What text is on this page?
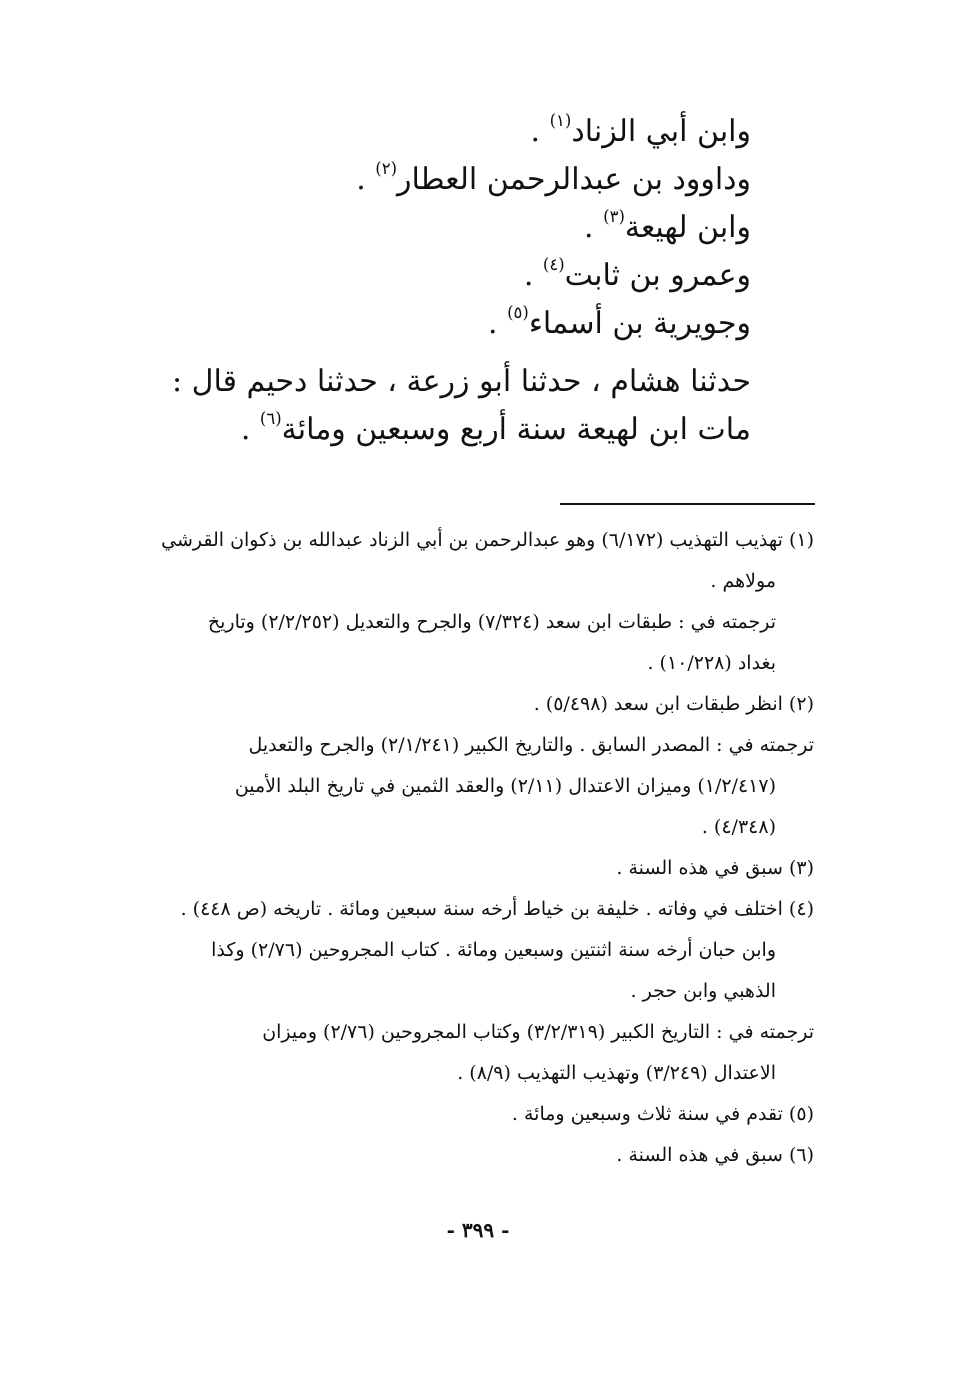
وابن أبي الزناد$^{(١)}$ .
وداوود بن عبدالرحمن العطار$^{(٢)}$ .
وابن لهيعة$^{(٣)}$ .
وعمرو بن ثابت$^{(٤)}$ .
وجويرية بن أسماء$^{(٥)}$ .
حدثنا هشام ، حدثنا أبو زرعة ، حدثنا دحيم قال :
مات ابن لهيعة سنة أربع وسبعين ومائة$^{(٦)}$ .
(١) تهذيب التهذيب (٦/١٧٢) وهو عبدالرحمن بن أبي الزناد عبدالله بن ذكوان القرشي
مولاهم .
ترجمته في : طبقات ابن سعد (٧/٣٢٤) والجرح والتعديل (٢/٢/٢٥٢) وتاريخ
بغداد (١٠/٢٢٨) .
(٢) انظر طبقات ابن سعد (٥/٤٩٨) .
ترجمته في : المصدر السابق . والتاريخ الكبير (٢/١/٢٤١) والجرح والتعديل
(١/٢/٤١٧) وميزان الاعتدال (٢/١١) والعقد الثمين في تاريخ البلد الأمين
(٤/٣٤٨) .
(٣) سبق في هذه السنة .
(٤) اختلف في وفاته . خليفة بن خياط أرخه سنة سبعين ومائة . تاريخه (ص ٤٤٨) .
وابن حبان أرخه سنة اثنتين وسبعين ومائة . كتاب المجروحين (٢/٧٦) وكذا
الذهبي وابن حجر .
ترجمته في : التاريخ الكبير (٣/٢/٣١٩) وكتاب المجروحين (٢/٧٦) وميزان
الاعتدال (٣/٢٤٩) وتهذيب التهذيب (٨/٩) .
(٥) تقدم في سنة ثلاث وسبعين ومائة .
(٦) سبق في هذه السنة .
- ٣٩٩ -
